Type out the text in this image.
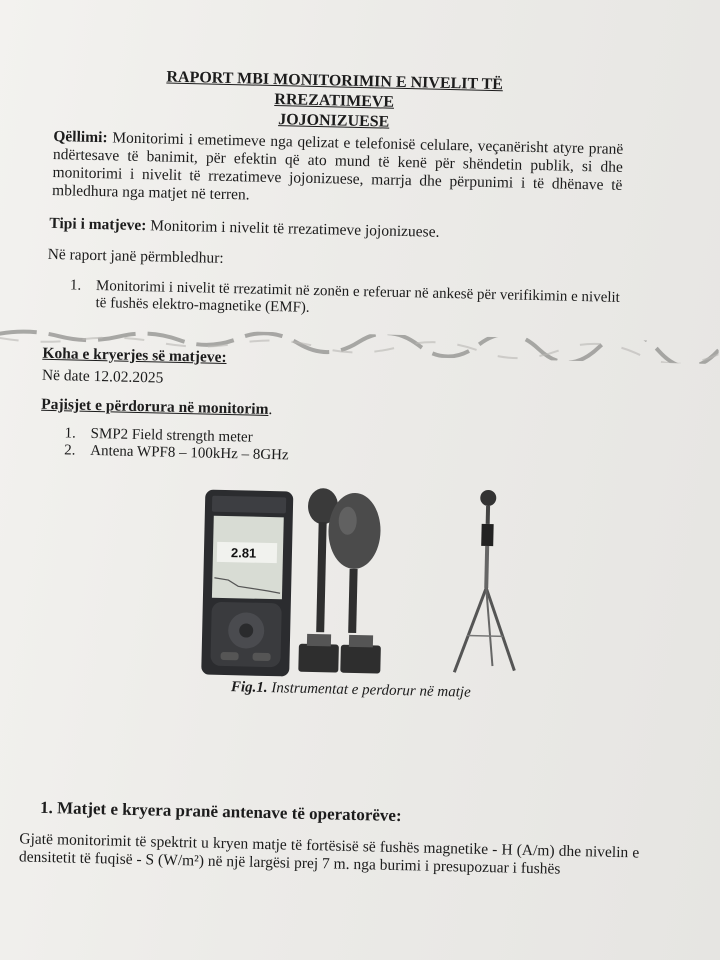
RAPORT MBI MONITORIMIN E NIVELIT TË RREZATIMEVE
JOJONIZUESE
Qëllimi: Monitorimi i emetimeve nga qelizat e telefonisë celulare, veçanërisht atyre pranë ndërtesave të banimit, për efektin që ato mund të kenë për shëndetin publik, si dhe monitorimi i nivelit të rrezatimeve jojonizuese, marrja dhe përpunimi i të dhënave të mbledhura nga matjet në terren.
Tipi i matjeve: Monitorim i nivelit të rrezatimeve jojonizuese.
Në raport janë përmbledhur:
1. Monitorimi i nivelit të rrezatimit në zonën e referuar në ankesë për verifikimin e nivelit të fushës elektro-magnetike (EMF).
Koha e kryerjes së matjeve:
Në date 12.02.2025
Pajisjet e përdorura në monitorim.
1. SMP2 Field strength meter
2. Antena WPF8 – 100kHz – 8GHz
2.81
Fig.1. Instrumentat e perdorur në matje
1. Matjet e kryera pranë antenave të operatorëve:
Gjatë monitorimit të spektrit u kryen matje të fortësisë së fushës magnetike - H (A/m) dhe nivelin e densitetit të fuqisë - S (W/m²) në një largësi prej 7 m. nga burimi i presupozuar i fushës
